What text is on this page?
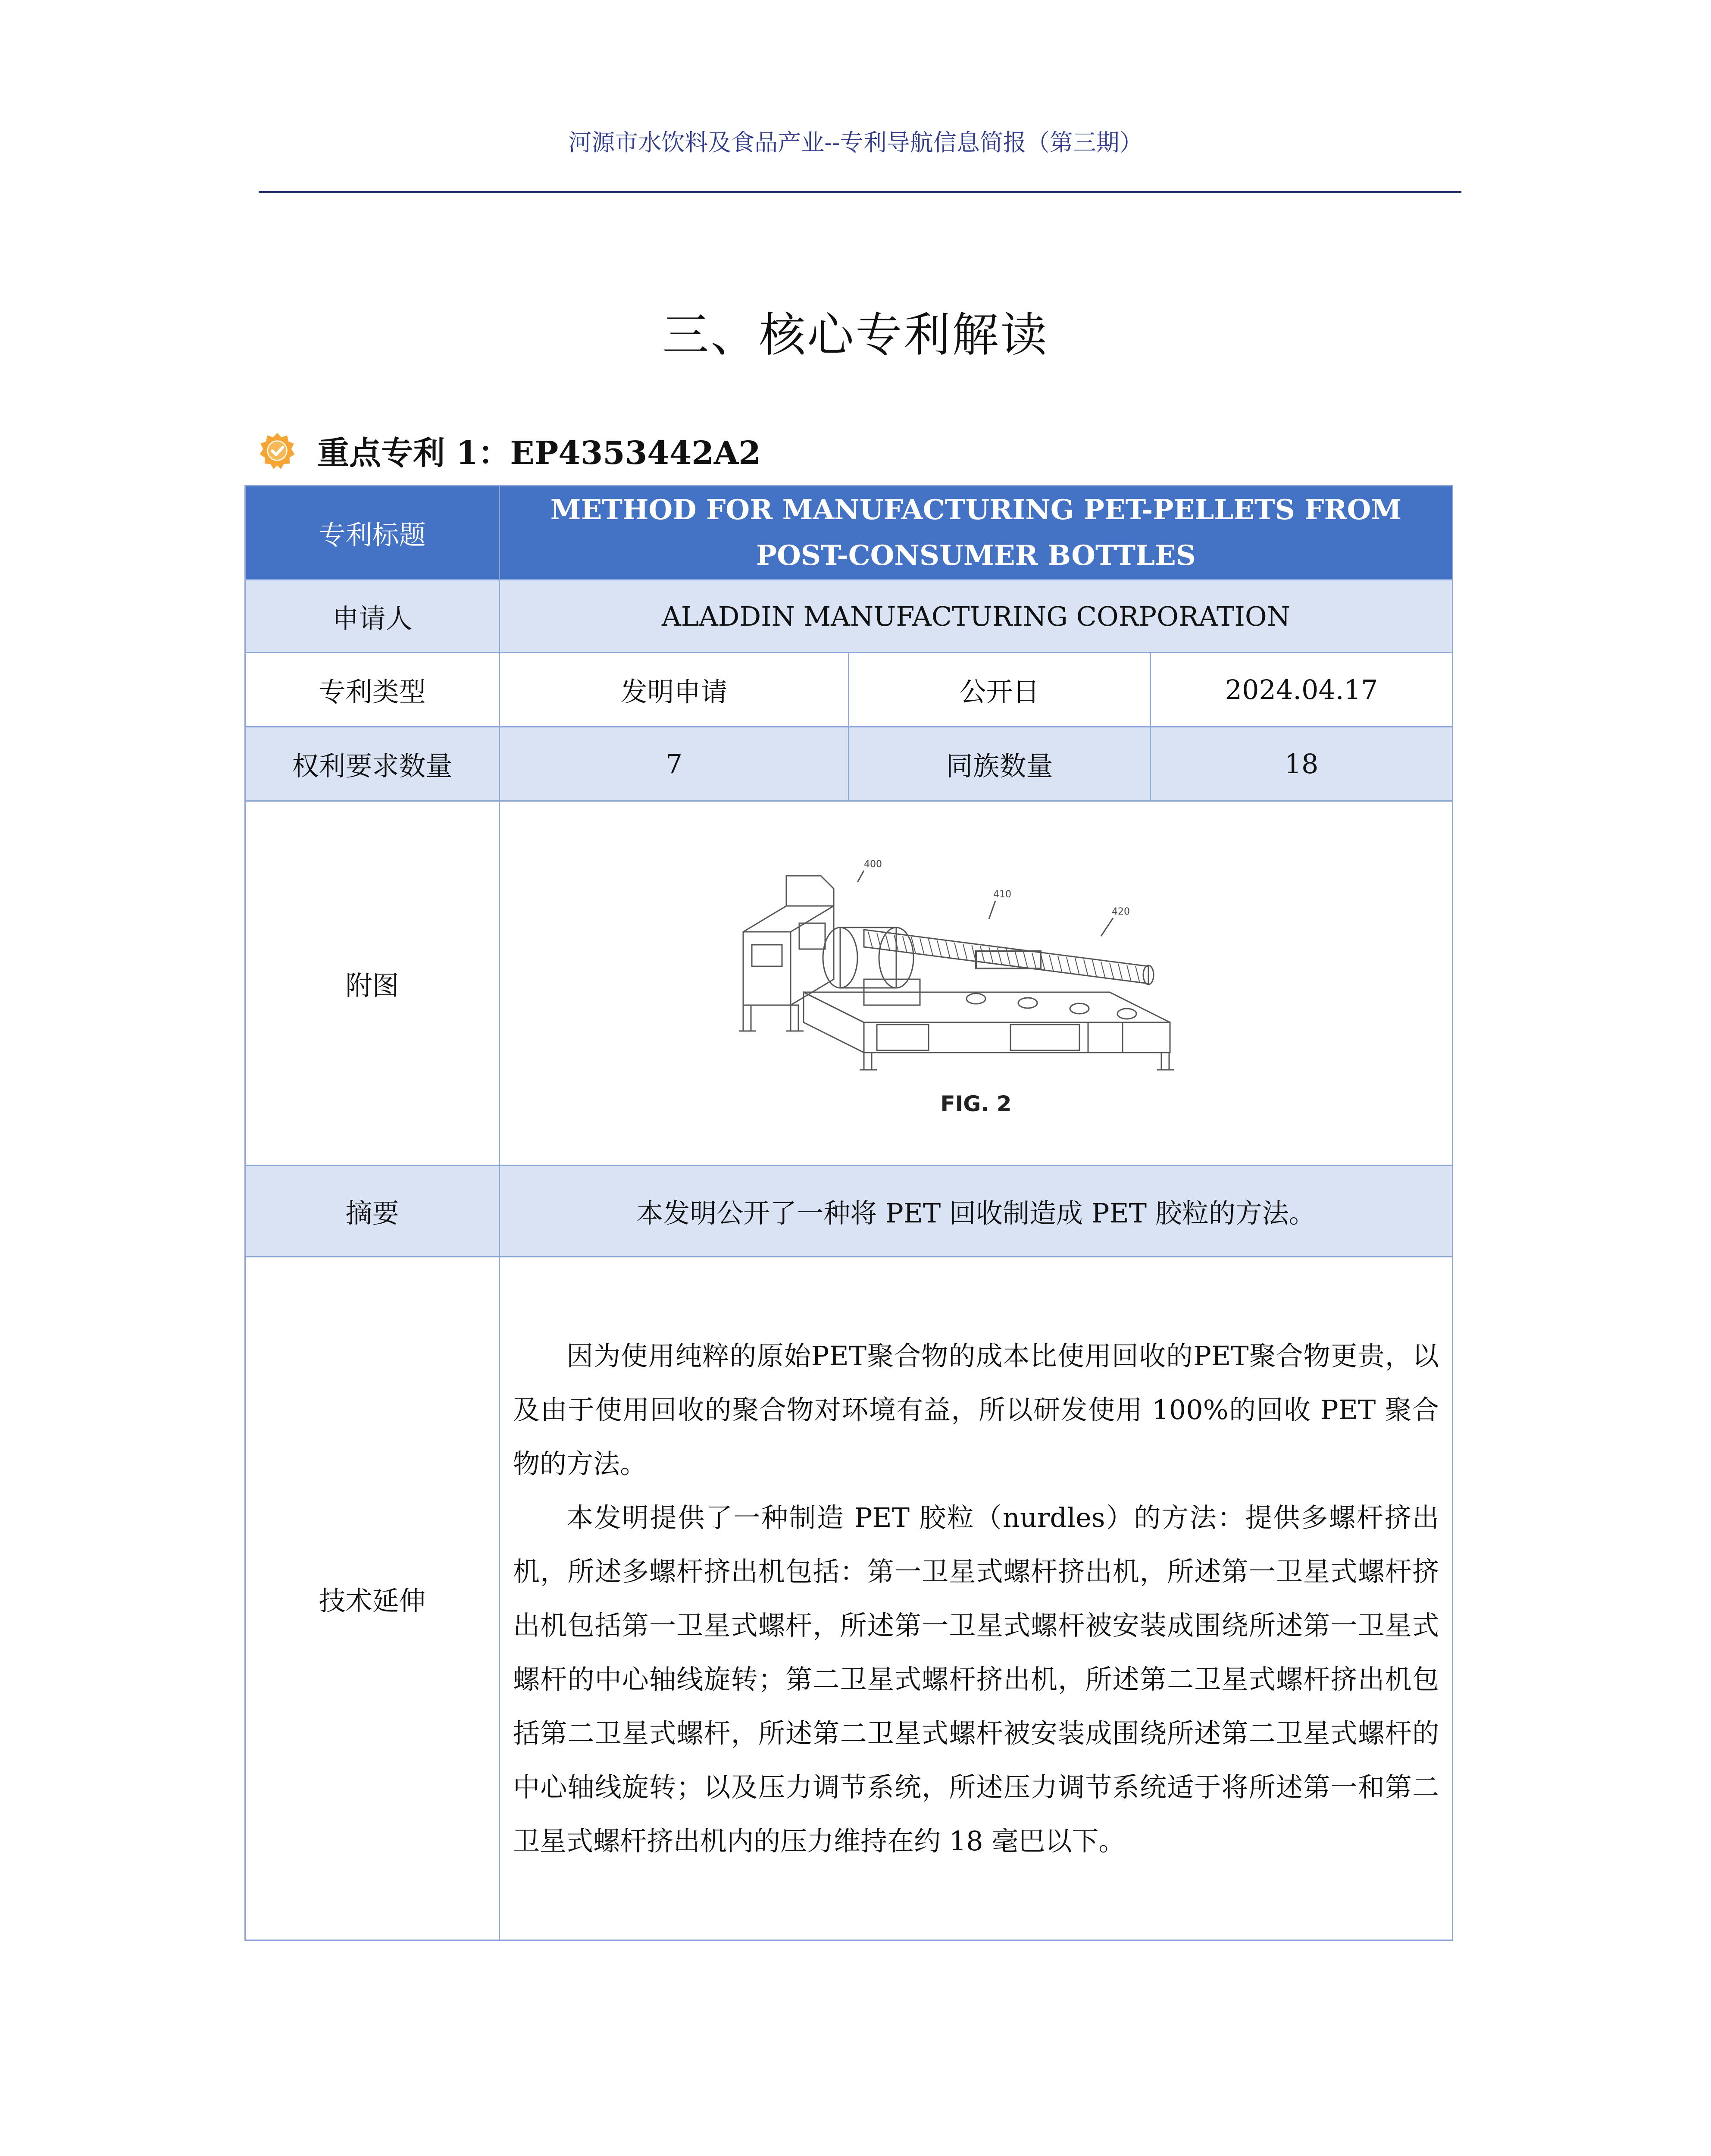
河源市水饮料及食品产业--专利导航信息简报（第三期）
三、核心专利解读
重点专利 1：EP4353442A2
专利标题	METHOD FOR MANUFACTURING PET-PELLETS FROM
POST-CONSUMER BOTTLES		

申请人	ALADDIN MANUFACTURING CORPORATION		
专利类型	发明申请	公开日	2024.04.17
权利要求数量	7	同族数量	18
附图	400
410
420
FIG. 2		

摘要	本发明公开了一种将 PET 回收制造成 PET 胶粒的方法。		
技术延伸	因为使用纯粹的原始PET聚合物的成本比使用回收的PET聚合物更贵，以及由于使用回收的聚合物对环境有益，所以研发使用 100%的回收 PET 聚合物的方法。

本发明提供了一种制造 PET 胶粒（nurdles）的方法：提供多螺杆挤出机，所述多螺杆挤出机包括：第一卫星式螺杆挤出机，所述第一卫星式螺杆挤出机包括第一卫星式螺杆，所述第一卫星式螺杆被安装成围绕所述第一卫星式螺杆的中心轴线旋转；第二卫星式螺杆挤出机，所述第二卫星式螺杆挤出机包括第二卫星式螺杆，所述第二卫星式螺杆被安装成围绕所述第二卫星式螺杆的中心轴线旋转；以及压力调节系统，所述压力调节系统适于将所述第一和第二卫星式螺杆挤出机内的压力维持在约 18 毫巴以下。		
